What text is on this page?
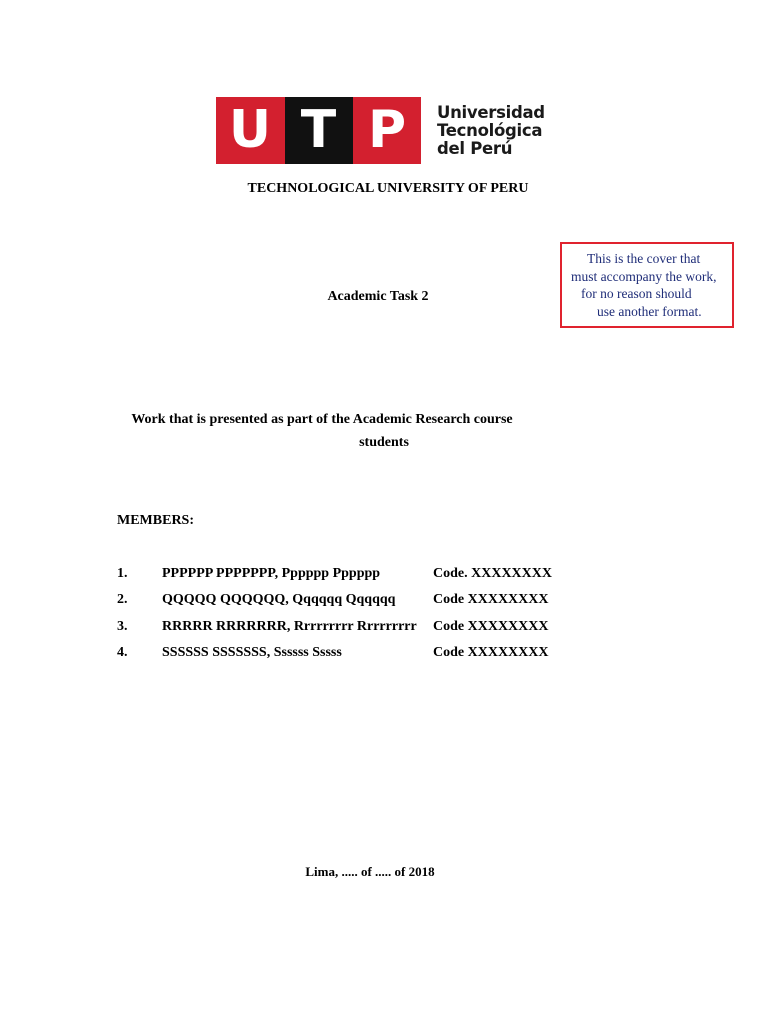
U T P	Universidad
Tecnológica
del Perú
TECHNOLOGICAL UNIVERSITY OF PERU
Academic Task 2
This is the cover that
must accompany the work,
for no reason should
use another format.
Work that is presented as part of the Academic Research course
students
MEMBERS:
1. PPPPPP PPPPPPP, Pppppp Pppppp	Code. XXXXXXXX
2. QQQQQ QQQQQQ, Qqqqqq Qqqqqq	Code XXXXXXXX
3. RRRRR RRRRRRR, Rrrrrrrrr Rrrrrrrrr Code XXXXXXXX
4. SSSSSS SSSSSSS, Ssssss Sssss	Code XXXXXXXX
Lima, ..... of ..... of 2018
